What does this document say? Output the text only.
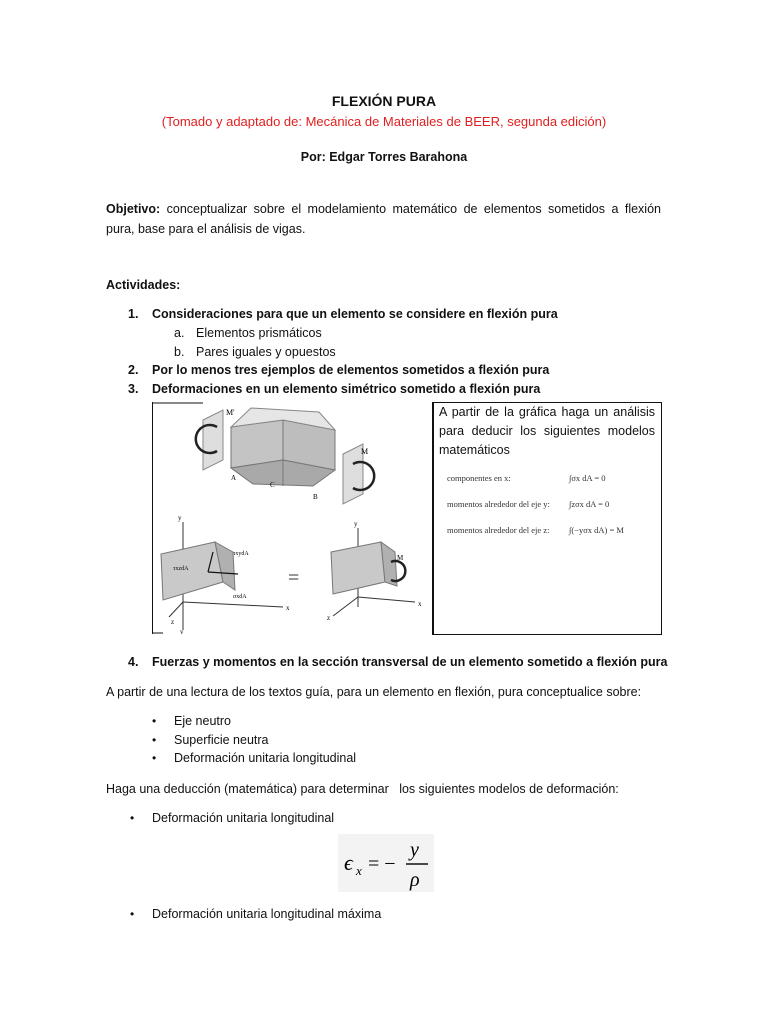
FLEXIÓN PURA
(Tomado y adaptado de: Mecánica de Materiales de BEER, segunda edición)
Por: Edgar Torres Barahona
Objetivo: conceptualizar sobre el modelamiento matemático de elementos sometidos a flexión pura, base para el análisis de vigas.
Actividades:
1. Consideraciones para que un elemento se considere en flexión pura
a. Elementos prismáticos
b. Pares iguales y opuestos
2. Por lo menos tres ejemplos de elementos sometidos a flexión pura
3. Deformaciones en un elemento simétrico sometido a flexión pura
M'
M
A
C
B
y
τxydA
τxzdA
σxdA
x
z
y
=
y
M
x
z
A partir de la gráfica haga un análisis para deducir los siguientes modelos matemáticos
componentes en x:	∫σx dA = 0
momentos alrededor del eje y: ∫zσx dA = 0
momentos alrededor del eje z: ∫(−yσx dA) = M
4. Fuerzas y momentos en la sección transversal de un elemento sometido a flexión pura
A partir de una lectura de los textos guía, para un elemento en flexión, pura conceptualice sobre:
• Eje neutro
• Superficie neutra
• Deformación unitaria longitudinal
Haga una deducción (matemática) para determinar   los siguientes modelos de deformación:
• Deformación unitaria longitudinal
ϵ x = −
y
ρ
• Deformación unitaria longitudinal máxima
